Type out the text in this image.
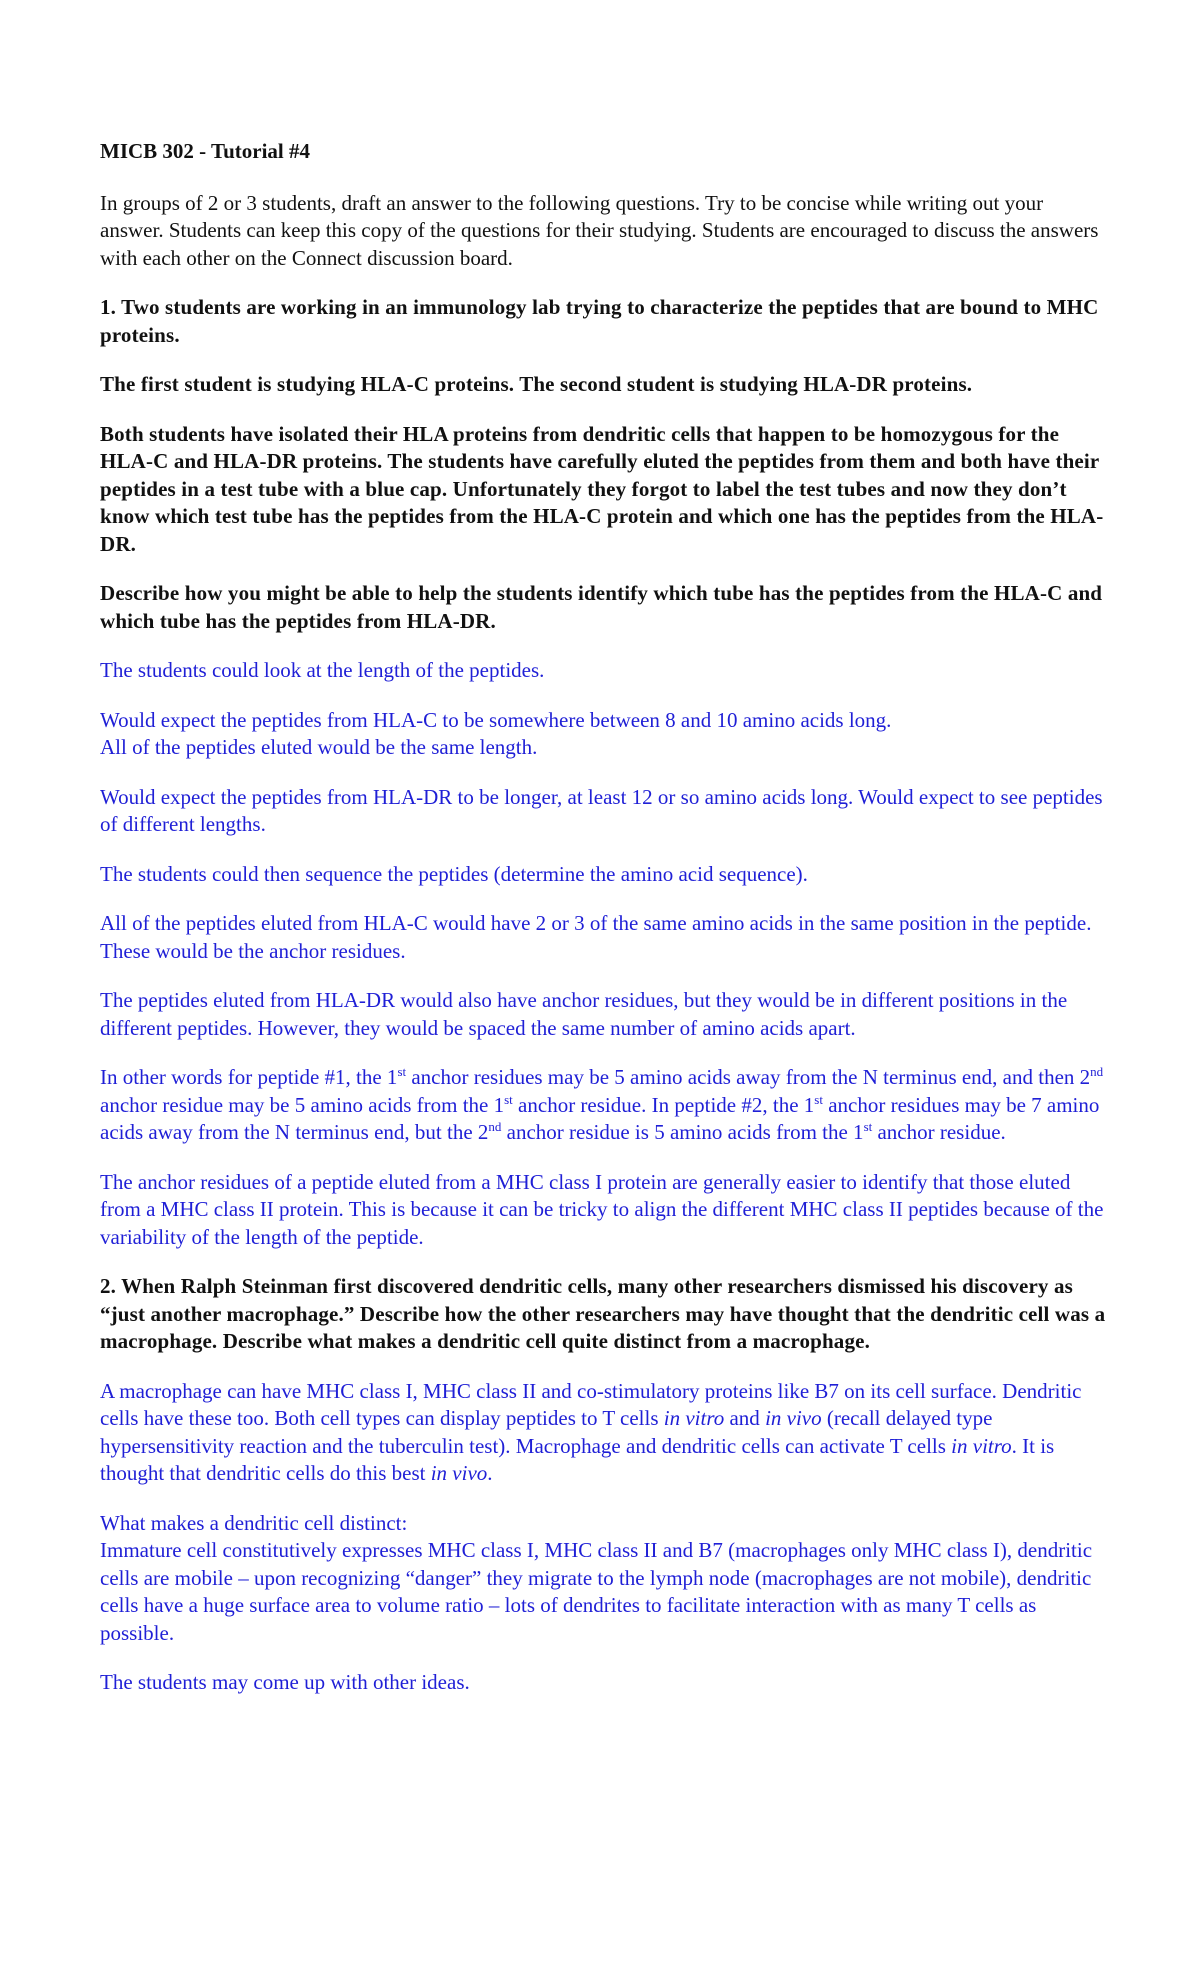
MICB 302 - Tutorial #4

In groups of 2 or 3 students, draft an answer to the following questions. Try to be concise while writing out your answer. Students can keep this copy of the questions for their studying. Students are encouraged to discuss the answers with each other on the Connect discussion board.

1. Two students are working in an immunology lab trying to characterize the peptides that are bound to MHC proteins.

The first student is studying HLA-C proteins. The second student is studying HLA-DR proteins.

Both students have isolated their HLA proteins from dendritic cells that happen to be homozygous for the HLA-C and HLA-DR proteins. The students have carefully eluted the peptides from them and both have their peptides in a test tube with a blue cap. Unfortunately they forgot to label the test tubes and now they don’t know which test tube has the peptides from the HLA-C protein and which one has the peptides from the HLA-DR.

Describe how you might be able to help the students identify which tube has the peptides from the HLA-C and which tube has the peptides from HLA-DR.

The students could look at the length of the peptides.

Would expect the peptides from HLA-C to be somewhere between 8 and 10 amino acids long.

All of the peptides eluted would be the same length.

Would expect the peptides from HLA-DR to be longer, at least 12 or so amino acids long. Would expect to see peptides of different lengths.

The students could then sequence the peptides (determine the amino acid sequence).

All of the peptides eluted from HLA-C would have 2 or 3 of the same amino acids in the same position in the peptide. These would be the anchor residues.

The peptides eluted from HLA-DR would also have anchor residues, but they would be in different positions in the different peptides. However, they would be spaced the same number of amino acids apart.

In other words for peptide #1, the 1st anchor residues may be 5 amino acids away from the N terminus end, and then 2nd anchor residue may be 5 amino acids from the 1st anchor residue. In peptide #2, the 1st anchor residues may be 7 amino acids away from the N terminus end, but the 2nd anchor residue is 5 amino acids from the 1st anchor residue.

The anchor residues of a peptide eluted from a MHC class I protein are generally easier to identify that those eluted from a MHC class II protein. This is because it can be tricky to align the different MHC class II peptides because of the variability of the length of the peptide.

2. When Ralph Steinman first discovered dendritic cells, many other researchers dismissed his discovery as “just another macrophage.” Describe how the other researchers may have thought that the dendritic cell was a macrophage. Describe what makes a dendritic cell quite distinct from a macrophage.

A macrophage can have MHC class I, MHC class II and co-stimulatory proteins like B7 on its cell surface. Dendritic cells have these too. Both cell types can display peptides to T cells in vitro and in vivo (recall delayed type hypersensitivity reaction and the tuberculin test). Macrophage and dendritic cells can activate T cells in vitro. It is thought that dendritic cells do this best in vivo.

What makes a dendritic cell distinct:

Immature cell constitutively expresses MHC class I, MHC class II and B7 (macrophages only MHC class I), dendritic cells are mobile – upon recognizing “danger” they migrate to the lymph node (macrophages are not mobile), dendritic cells have a huge surface area to volume ratio – lots of dendrites to facilitate interaction with as many T cells as possible.

The students may come up with other ideas.
